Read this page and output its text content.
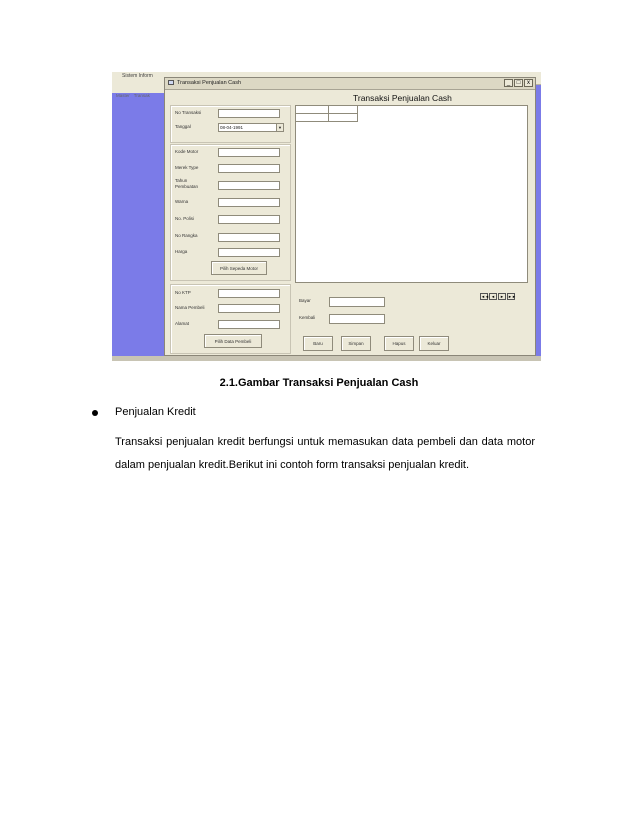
Sistem Inform
Master Transak
Transaksi Penjualan Cash	_	□	x
Transaksi Penjualan Cash
No Transaksi
Tanggal	08-04-1991	▼
Kode Motor
Merek Type
Tahun Pembuatan
Warna
No. Polisi
No Rangka
Harga
Pilih Sepeda Motor
No KTP
Nama Pembeli
Alamat
Pilih Data Pembeli
Bayar
Kembali
◄◄ ◄	►	►►
Baru	Simpan	Hapus	Keluar
2.1.Gambar Transaksi Penjualan Cash
Penjualan Kredit
Transaksi penjualan kredit berfungsi untuk memasukan data pembeli dan data motor dalam penjualan kredit.Berikut ini contoh form transaksi penjualan kredit.
